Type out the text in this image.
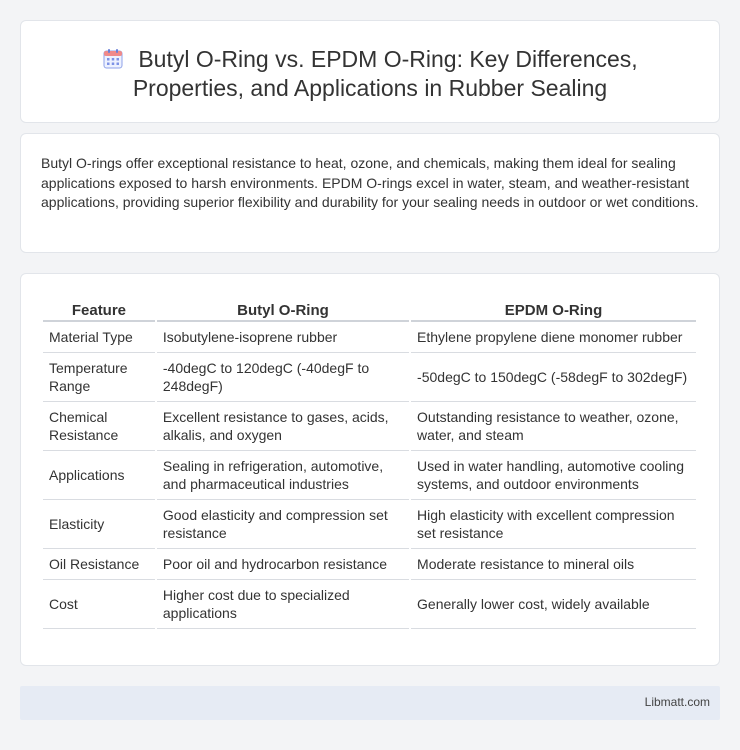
Butyl O-Ring vs. EPDM O-Ring: Key Differences,
Properties, and Applications in Rubber Sealing

Butyl O-rings offer exceptional resistance to heat, ozone, and chemicals, making them ideal for sealing applications exposed to harsh environments. EPDM O-rings excel in water, steam, and weather-resistant applications, providing superior flexibility and durability for your sealing needs in outdoor or wet conditions.

Feature	Butyl O-Ring	EPDM O-Ring
Material Type	Isobutylene-isoprene rubber	Ethylene propylene diene monomer rubber
Temperature Range	-40degC to 120degC (-40degF to 248degF)	-50degC to 150degC (-58degF to 302degF)
Chemical Resistance	Excellent resistance to gases, acids, alkalis, and oxygen	Outstanding resistance to weather, ozone, water, and steam
Applications	Sealing in refrigeration, automotive, and pharmaceutical industries	Used in water handling, automotive cooling systems, and outdoor environments
Elasticity	Good elasticity and compression set resistance	High elasticity with excellent compression set resistance
Oil Resistance	Poor oil and hydrocarbon resistance	Moderate resistance to mineral oils
Cost	Higher cost due to specialized applications	Generally lower cost, widely available
Libmatt.com
